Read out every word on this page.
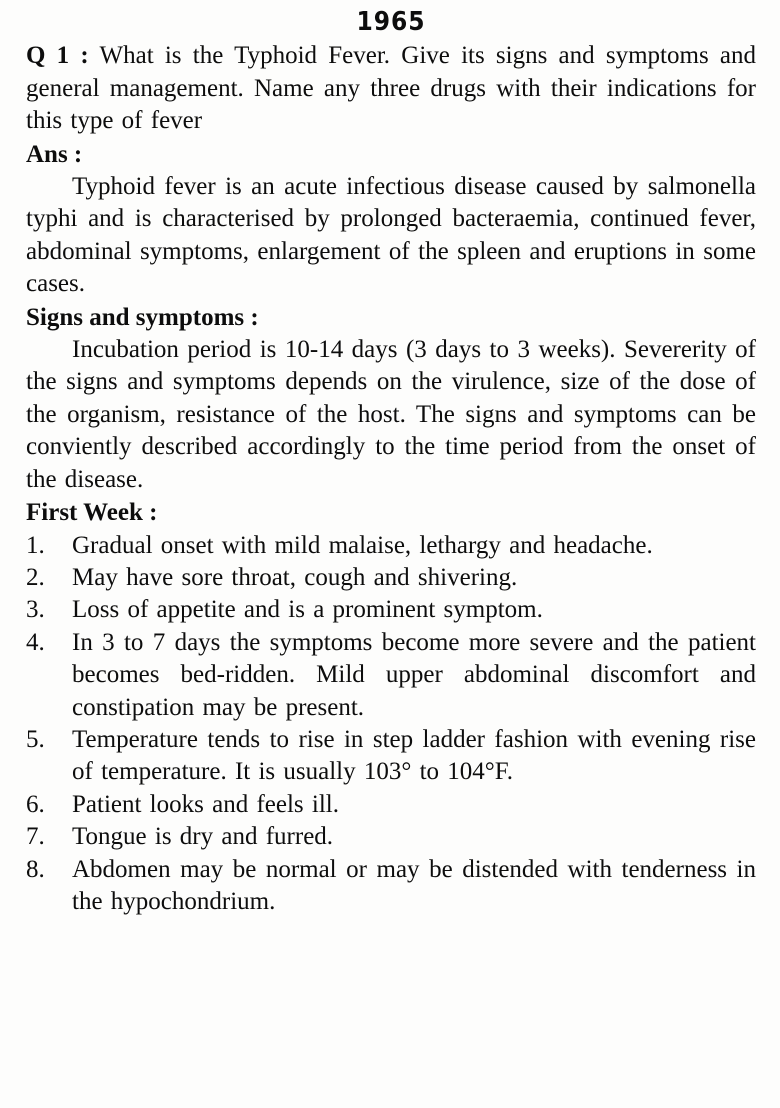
1965

Q 1 : What is the Typhoid Fever. Give its signs and symptoms and general management. Name any three drugs with their indications for this type of fever

Ans :

Typhoid fever is an acute infectious disease caused by salmonella typhi and is characterised by prolonged bacteraemia, continued fever, abdominal symptoms, enlargement of the spleen and eruptions in some cases.

Signs and symptoms :

Incubation period is 10-14 days (3 days to 3 weeks). Severerity of the signs and symptoms depends on the virulence, size of the dose of the organism, resistance of the host. The signs and symptoms can be conviently described accordingly to the time period from the onset of the disease.

First Week :

1.	Gradual onset with mild malaise, lethargy and headache.
2.	May have sore throat, cough and shivering.
3.	Loss of appetite and is a prominent symptom.
4.	In 3 to 7 days the symptoms become more severe and the patient becomes bed-ridden. Mild upper abdominal discomfort and constipation may be present.
5.	Temperature tends to rise in step ladder fashion with evening rise of temperature. It is usually 103° to 104°F.
6.	Patient looks and feels ill.
7.	Tongue is dry and furred.
8.	Abdomen may be normal or may be distended with tenderness in the hypochondrium.
